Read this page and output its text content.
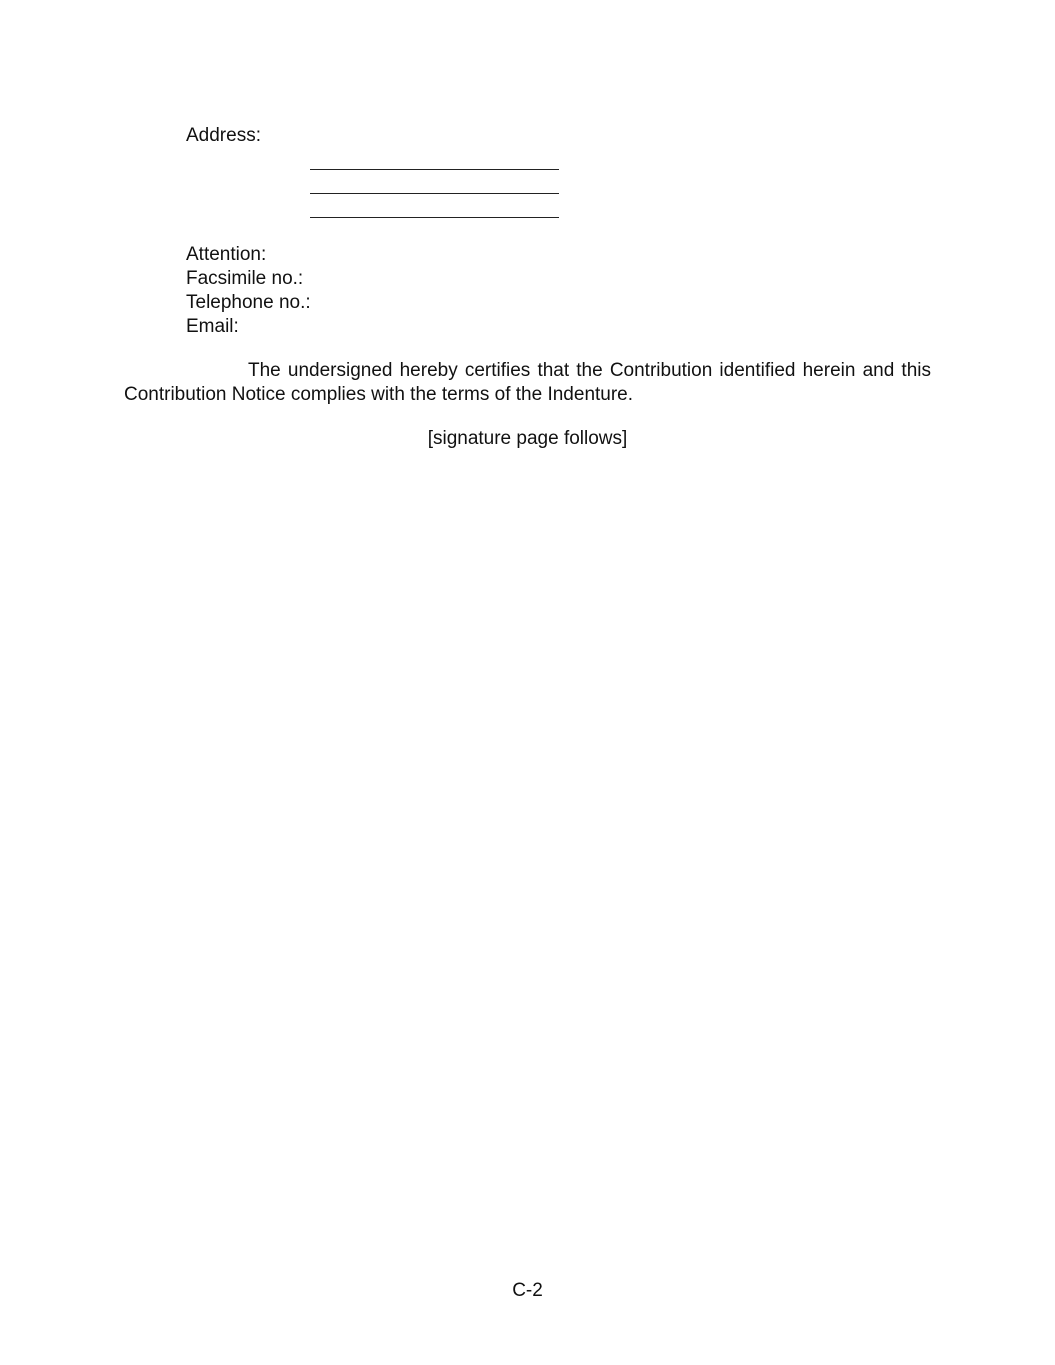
Address:
Attention:
Facsimile no.:
Telephone no.:
Email:
The undersigned hereby certifies that the Contribution identified herein and this Contribution Notice complies with the terms of the Indenture.
[signature page follows]
C-2
